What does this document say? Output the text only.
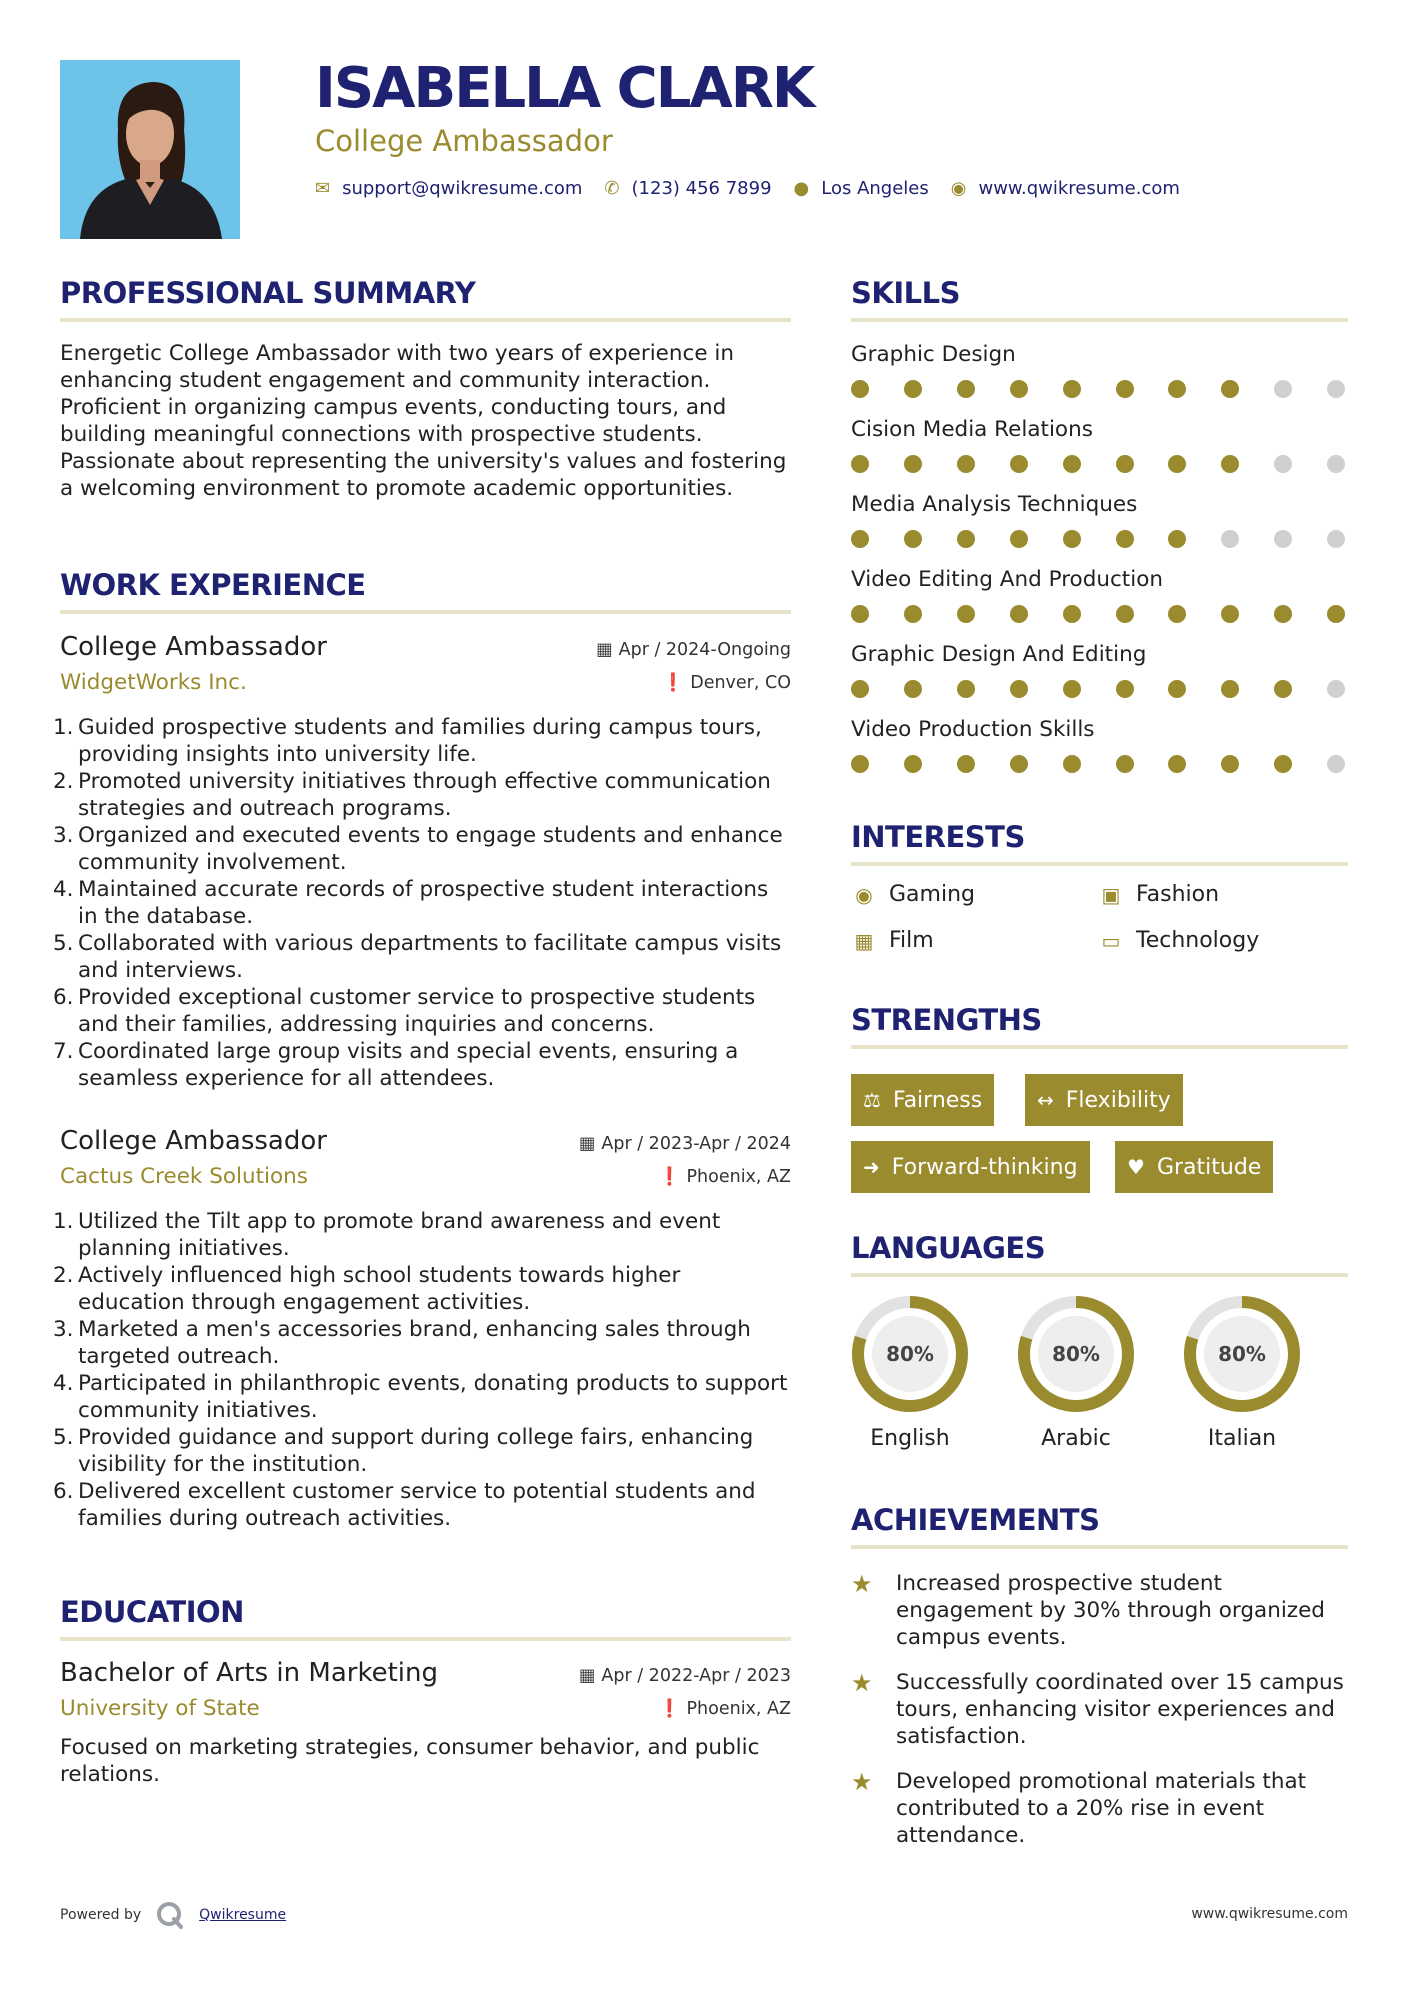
ISABELLA CLARK
College Ambassador
✉ support@qwikresume.com ✆ (123) 456 7899 ● Los Angeles ◉ www.qwikresume.com
PROFESSIONAL SUMMARY
Energetic College Ambassador with two years of experience in enhancing student engagement and community interaction. Proficient in organizing campus events, conducting tours, and building meaningful connections with prospective students. Passionate about representing the university's values and fostering a welcoming environment to promote academic opportunities.
WORK EXPERIENCE
College Ambassador	▦ Apr / 2024-Ongoing
WidgetWorks Inc.	❗ Denver, CO
1. Guided prospective students and families during campus tours, providing insights into university life.
2. Promoted university initiatives through effective communication strategies and outreach programs.
3. Organized and executed events to engage students and enhance community involvement.
4. Maintained accurate records of prospective student interactions in the database.
5. Collaborated with various departments to facilitate campus visits and interviews.
6. Provided exceptional customer service to prospective students and their families, addressing inquiries and concerns.
7. Coordinated large group visits and special events, ensuring a seamless experience for all attendees.
College Ambassador	▦ Apr / 2023-Apr / 2024
Cactus Creek Solutions	❗ Phoenix, AZ
1. Utilized the Tilt app to promote brand awareness and event planning initiatives.
2. Actively influenced high school students towards higher education through engagement activities.
3. Marketed a men's accessories brand, enhancing sales through targeted outreach.
4. Participated in philanthropic events, donating products to support community initiatives.
5. Provided guidance and support during college fairs, enhancing visibility for the institution.
6. Delivered excellent customer service to potential students and families during outreach activities.
EDUCATION
Bachelor of Arts in Marketing	▦ Apr / 2022-Apr / 2023
University of State	❗ Phoenix, AZ
Focused on marketing strategies, consumer behavior, and public relations.
SKILLS
Graphic Design
Cision Media Relations
Media Analysis Techniques
Video Editing And Production
Graphic Design And Editing
Video Production Skills
INTERESTS
◉ Gaming	▣ Fashion
▦ Film	▭ Technology
STRENGTHS
⚖ Fairness	↔ Flexibility
➜ Forward-thinking ♥ Gratitude
LANGUAGES
80%
English
80%
Arabic
80%
Italian
ACHIEVEMENTS
★ Increased prospective student engagement by 30% through organized campus events.
★ Successfully coordinated over 15 campus tours, enhancing visitor experiences and satisfaction.
★ Developed promotional materials that contributed to a 20% rise in event attendance.
Powered by	Qwikresume	www.qwikresume.com
